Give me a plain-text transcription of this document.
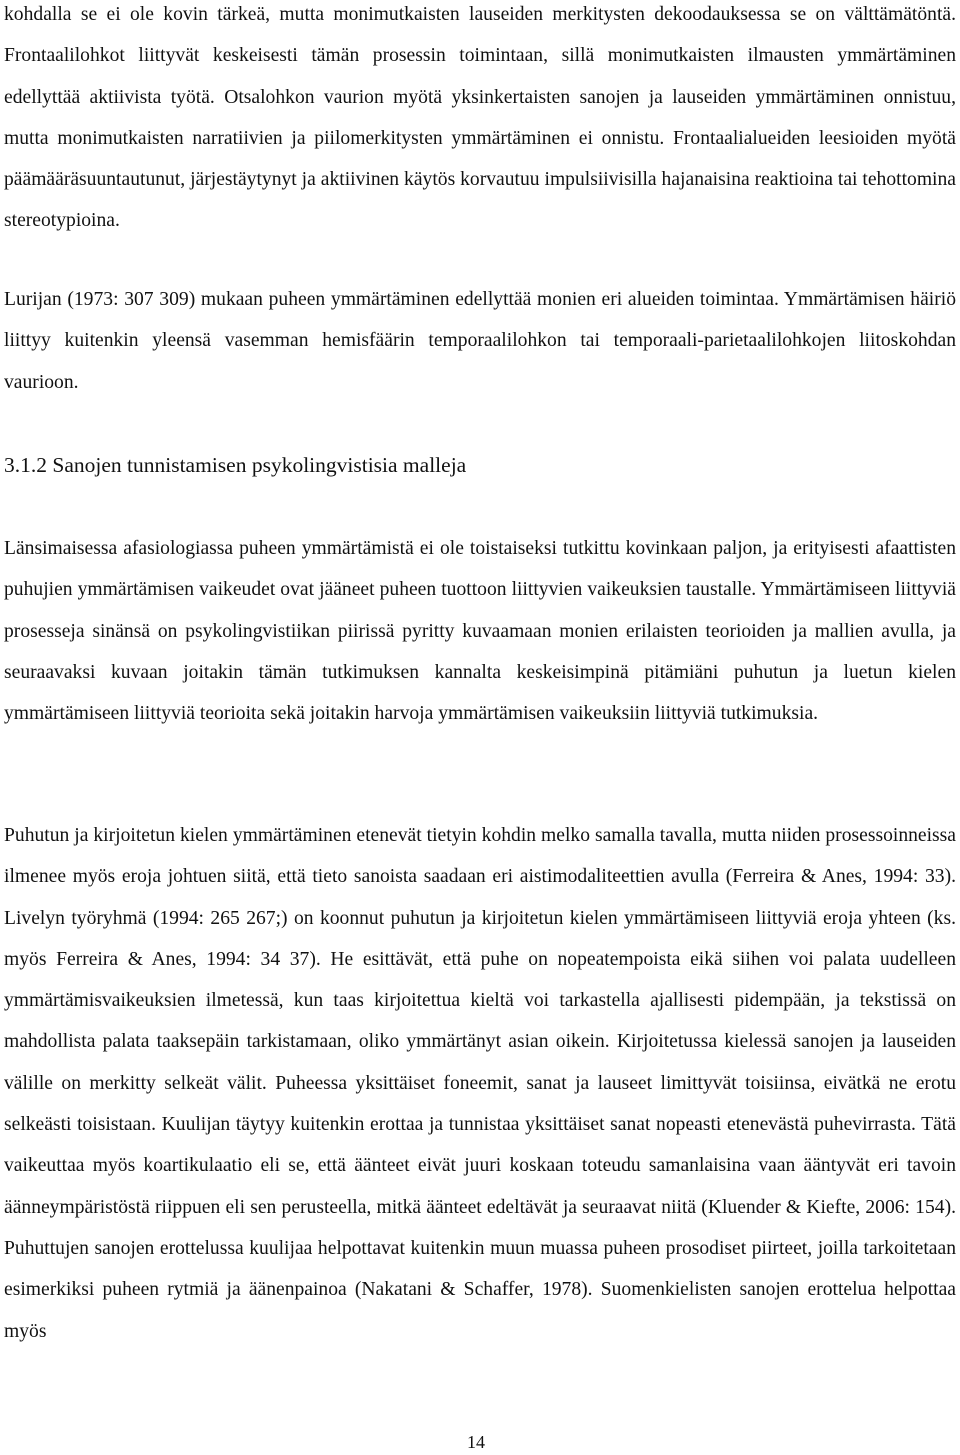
kohdalla se ei ole kovin tärkeä, mutta monimutkaisten lauseiden merkitysten dekoodauksessa se on välttämätöntä. Frontaalilohkot liittyvät keskeisesti tämän prosessin toimintaan, sillä monimutkaisten ilmausten ymmärtäminen edellyttää aktiivista työtä. Otsalohkon vaurion myötä yksinkertaisten sanojen ja lauseiden ymmärtäminen onnistuu, mutta monimutkaisten narratiivien ja piilomerkitysten ymmärtäminen ei onnistu. Frontaalialueiden leesioiden myötä päämääräsuuntautunut, järjestäytynyt ja aktiivinen käytös korvautuu impulsiivisilla hajanaisina reaktioina tai tehottomina stereotypioina.

Lurijan (1973: 307 309) mukaan puheen ymmärtäminen edellyttää monien eri alueiden toimintaa. Ymmärtämisen häiriö liittyy kuitenkin yleensä vasemman hemisfäärin temporaalilohkon tai temporaali-parietaalilohkojen liitoskohdan vaurioon.

3.1.2 Sanojen tunnistamisen psykolingvistisia malleja

Länsimaisessa afasiologiassa puheen ymmärtämistä ei ole toistaiseksi tutkittu kovinkaan paljon, ja erityisesti afaattisten puhujien ymmärtämisen vaikeudet ovat jääneet puheen tuottoon liittyvien vaikeuksien taustalle. Ymmärtämiseen liittyviä prosesseja sinänsä on psykolingvistiikan piirissä pyritty kuvaamaan monien erilaisten teorioiden ja mallien avulla, ja seuraavaksi kuvaan joitakin tämän tutkimuksen kannalta keskeisimpinä pitämiäni puhutun ja luetun kielen ymmärtämiseen liittyviä teorioita sekä joitakin harvoja ymmärtämisen vaikeuksiin liittyviä tutkimuksia.

Puhutun ja kirjoitetun kielen ymmärtäminen etenevät tietyin kohdin melko samalla tavalla, mutta niiden prosessoinneissa ilmenee myös eroja johtuen siitä, että tieto sanoista saadaan eri aistimodaliteettien avulla (Ferreira & Anes, 1994: 33). Livelyn työryhmä (1994: 265 267;) on koonnut puhutun ja kirjoitetun kielen ymmärtämiseen liittyviä eroja yhteen (ks. myös Ferreira & Anes, 1994: 34 37). He esittävät, että puhe on nopeatempoista eikä siihen voi palata uudelleen ymmärtämisvaikeuksien ilmetessä, kun taas kirjoitettua kieltä voi tarkastella ajallisesti pidempään, ja tekstissä on mahdollista palata taaksepäin tarkistamaan, oliko ymmärtänyt asian oikein. Kirjoitetussa kielessä sanojen ja lauseiden välille on merkitty selkeät välit. Puheessa yksittäiset foneemit, sanat ja lauseet limittyvät toisiinsa, eivätkä ne erotu selkeästi toisistaan. Kuulijan täytyy kuitenkin erottaa ja tunnistaa yksittäiset sanat nopeasti etenevästä puhevirrasta. Tätä vaikeuttaa myös koartikulaatio eli se, että äänteet eivät juuri koskaan toteudu samanlaisina vaan ääntyvät eri tavoin äänneympäristöstä riippuen eli sen perusteella, mitkä äänteet edeltävät ja seuraavat niitä (Kluender & Kiefte, 2006: 154). Puhuttujen sanojen erottelussa kuulijaa helpottavat kuitenkin muun muassa puheen prosodiset piirteet, joilla tarkoitetaan esimerkiksi puheen rytmiä ja äänenpainoa (Nakatani & Schaffer, 1978). Suomenkielisten sanojen erottelua helpottaa myös

14
